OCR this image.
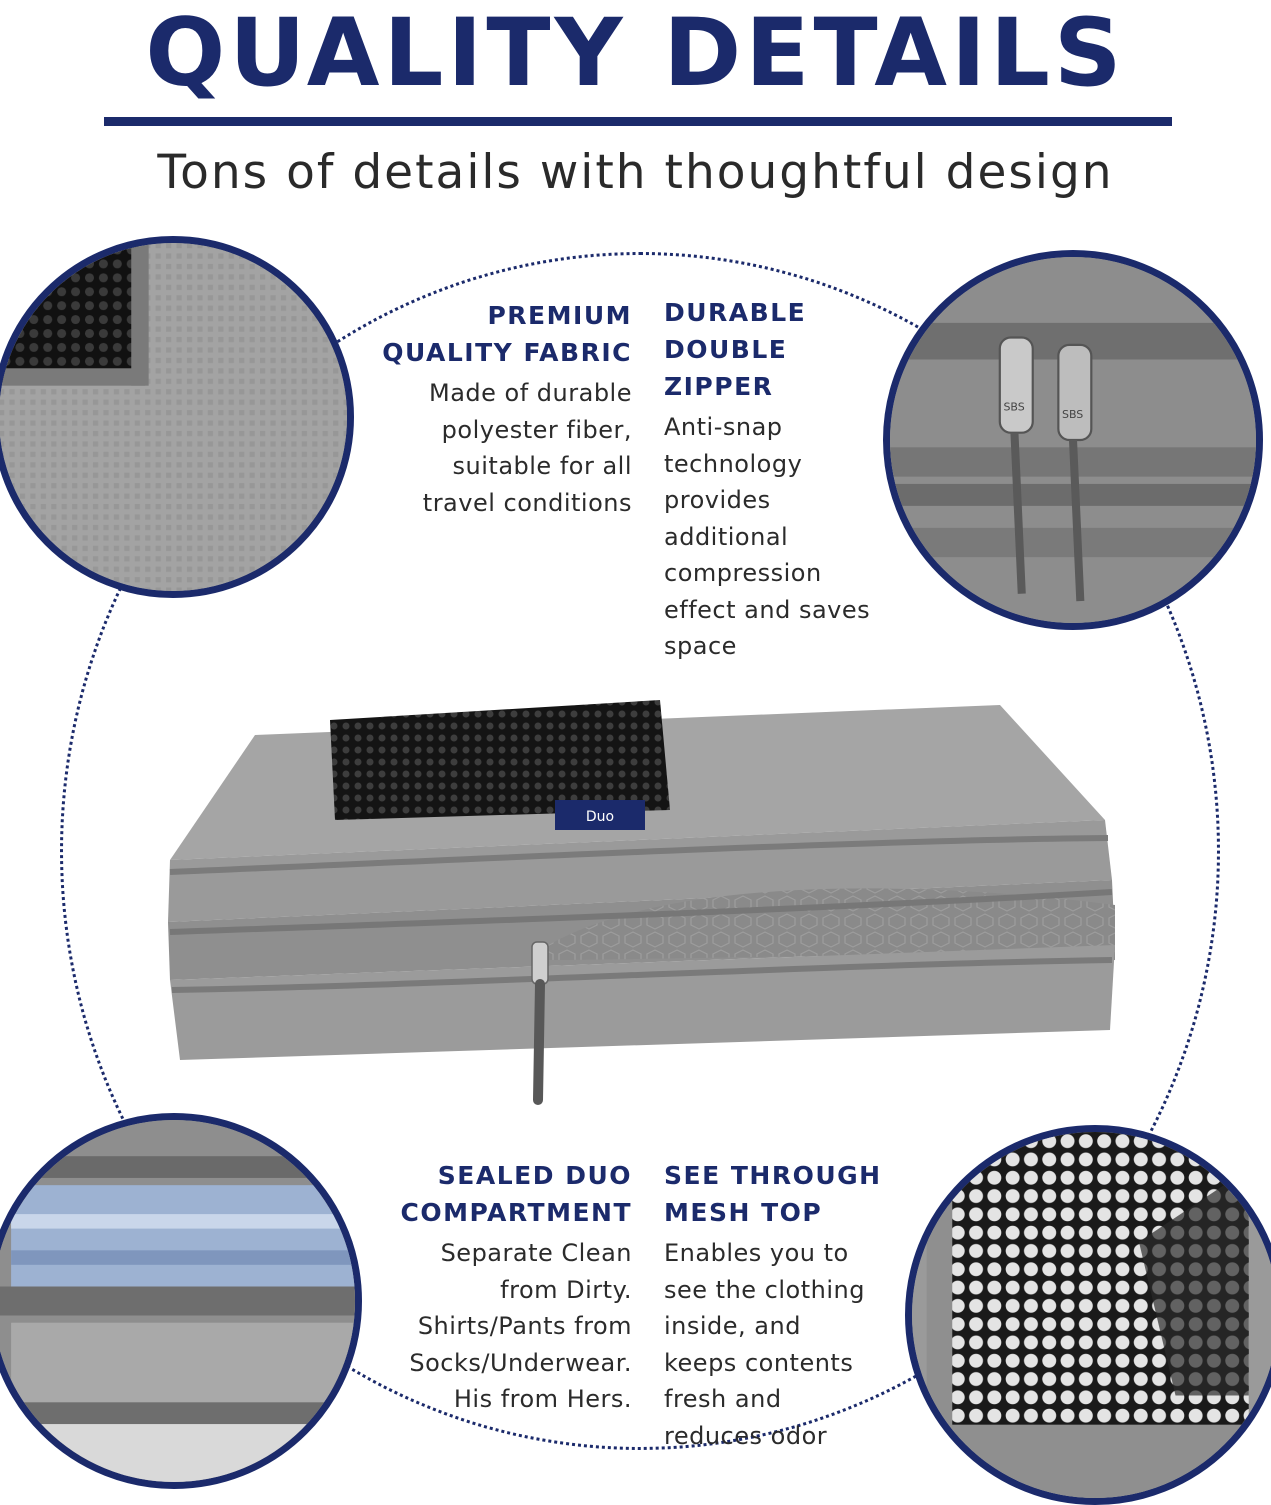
QUALITY DETAILS
Tons of details with thoughtful design
SBS
SBS
Duo
PREMIUM
QUALITY FABRIC

Made of durable
polyester fiber,
suitable for all
travel conditions

DURABLE
DOUBLE ZIPPER

Anti-snap
technology
provides
additional
compression
effect and saves
space

SEALED DUO
COMPARTMENT

Separate Clean
from Dirty.
Shirts/Pants from
Socks/Underwear.
His from Hers.

SEE THROUGH
MESH TOP

Enables you to
see the clothing
inside, and
keeps contents
fresh and
reduces odor
